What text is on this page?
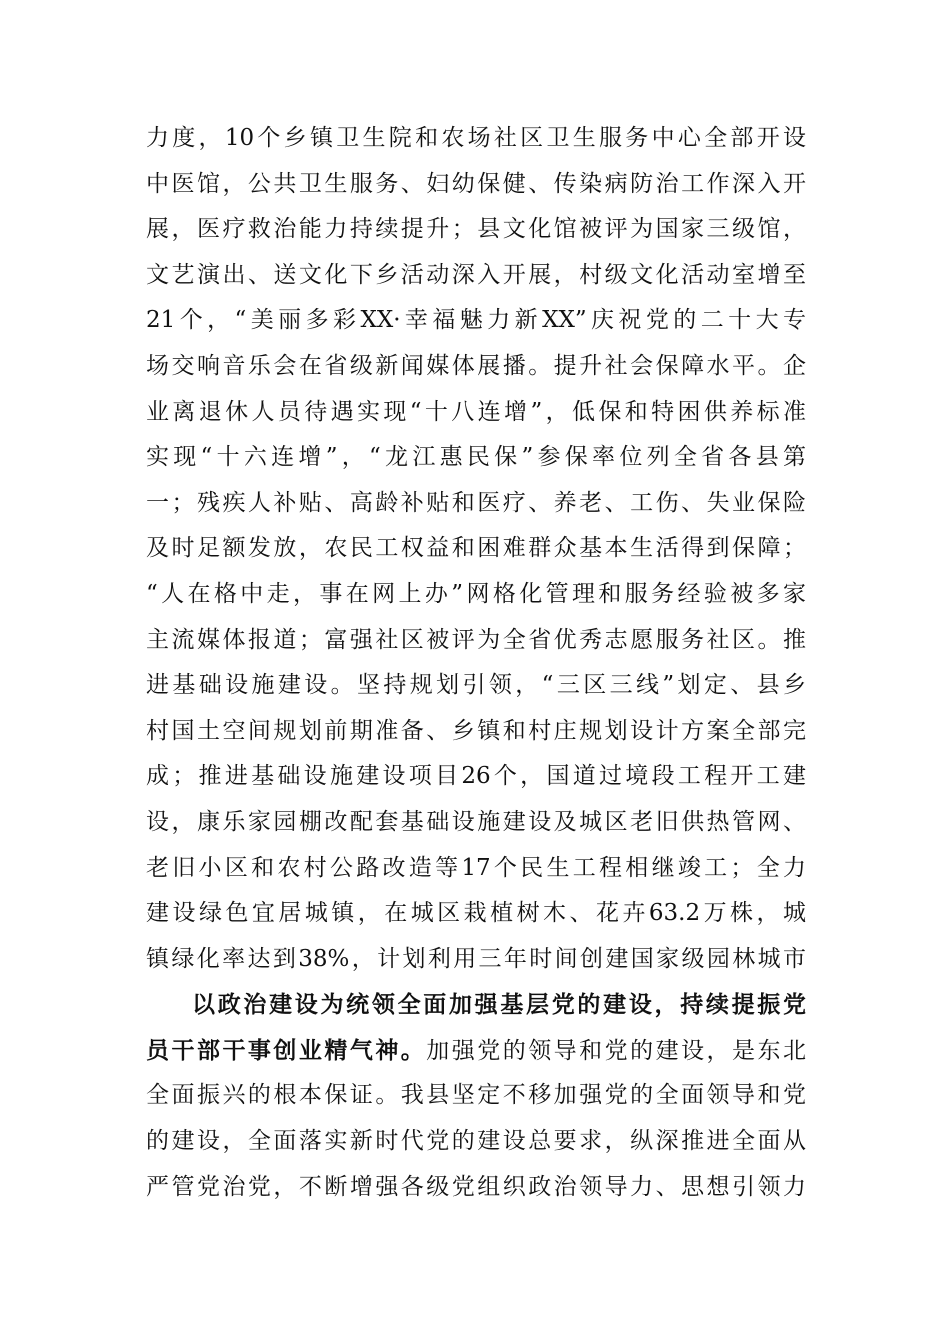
力度，10个乡镇卫生院和农场社区卫生服务中心全部开设
中医馆，公共卫生服务、妇幼保健、传染病防治工作深入开
展，医疗救治能力持续提升；县文化馆被评为国家三级馆，
文艺演出、送文化下乡活动深入开展，村级文化活动室增至
21个，“美丽多彩XX·幸福魅力新XX”庆祝党的二十大专
场交响音乐会在省级新闻媒体展播。提升社会保障水平。企
业离退休人员待遇实现“十八连增”，低保和特困供养标准
实现“十六连增”，“龙江惠民保”参保率位列全省各县第
一；残疾人补贴、高龄补贴和医疗、养老、工伤、失业保险
及时足额发放，农民工权益和困难群众基本生活得到保障；
“人在格中走，事在网上办”网格化管理和服务经验被多家
主流媒体报道；富强社区被评为全省优秀志愿服务社区。推
进基础设施建设。坚持规划引领，“三区三线”划定、县乡
村国土空间规划前期准备、乡镇和村庄规划设计方案全部完
成；推进基础设施建设项目26个，国道过境段工程开工建
设，康乐家园棚改配套基础设施建设及城区老旧供热管网、
老旧小区和农村公路改造等17个民生工程相继竣工；全力
建设绿色宜居城镇，在城区栽植树木、花卉63.2万株，城
镇绿化率达到38%，计划利用三年时间创建国家级园林城市
以政治建设为统领全面加强基层党的建设，持续提振党
员干部干事创业精气神。加强党的领导和党的建设，是东北
全面振兴的根本保证。我县坚定不移加强党的全面领导和党
的建设，全面落实新时代党的建设总要求，纵深推进全面从
严管党治党，不断增强各级党组织政治领导力、思想引领力
